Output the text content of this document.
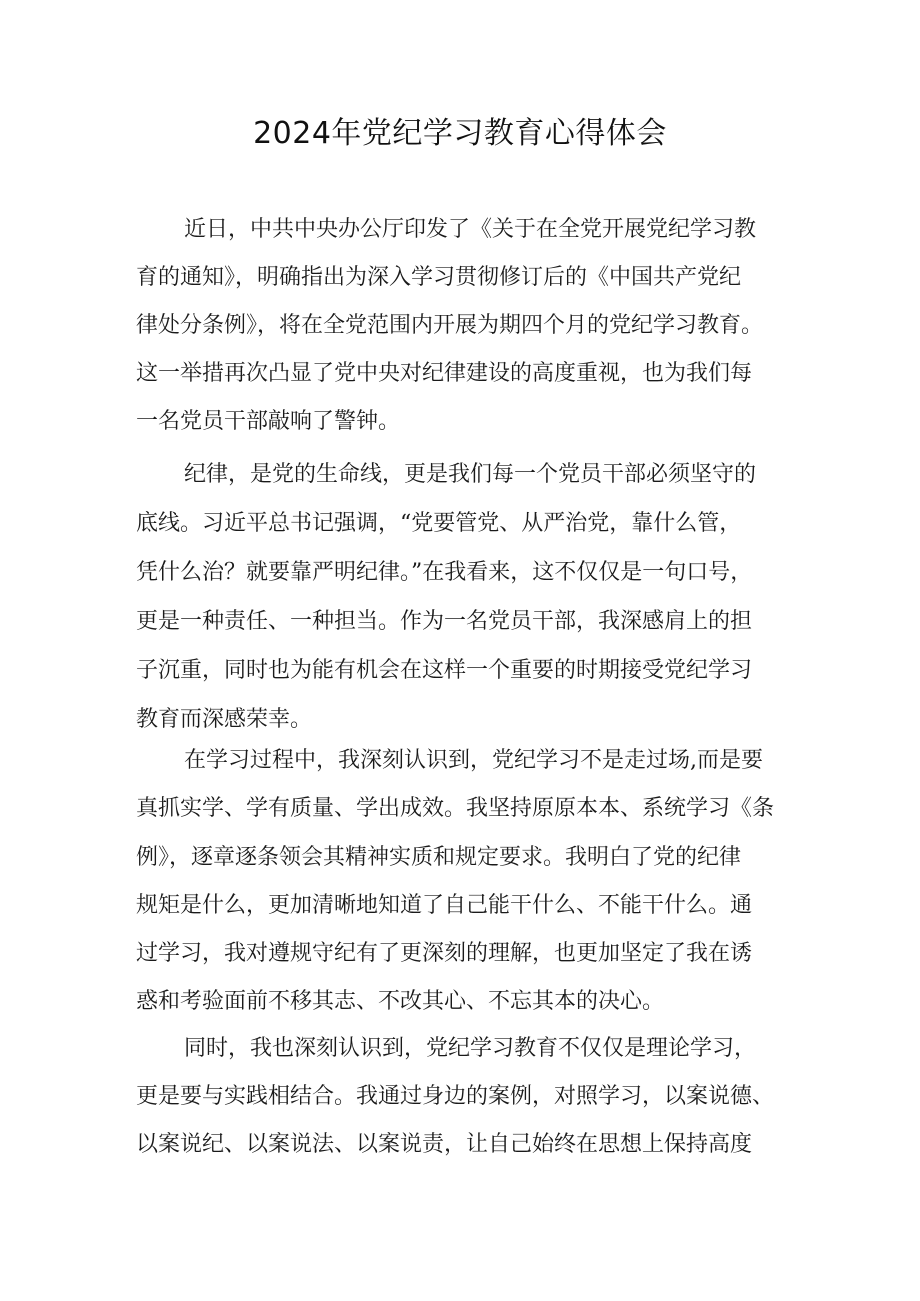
2024年党纪学习教育心得体会
近日，中共中央办公厅印发了《关于在全党开展党纪学习教
育的通知》，明确指出为深入学习贯彻修订后的《中国共产党纪
律处分条例》，将在全党范围内开展为期四个月的党纪学习教育。
这一举措再次凸显了党中央对纪律建设的高度重视，也为我们每
一名党员干部敲响了警钟。
纪律，是党的生命线，更是我们每一个党员干部必须坚守的
底线。习近平总书记强调，“党要管党、从严治党，靠什么管，
凭什么治？就要靠严明纪律。”在我看来，这不仅仅是一句口号，
更是一种责任、一种担当。作为一名党员干部，我深感肩上的担
子沉重，同时也为能有机会在这样一个重要的时期接受党纪学习
教育而深感荣幸。
在学习过程中，我深刻认识到，党纪学习不是走过场,而是要
真抓实学、学有质量、学出成效。我坚持原原本本、系统学习《条
例》，逐章逐条领会其精神实质和规定要求。我明白了党的纪律
规矩是什么，更加清晰地知道了自己能干什么、不能干什么。通
过学习，我对遵规守纪有了更深刻的理解，也更加坚定了我在诱
惑和考验面前不移其志、不改其心、不忘其本的决心。
同时，我也深刻认识到，党纪学习教育不仅仅是理论学习，
更是要与实践相结合。我通过身边的案例，对照学习，以案说德、
以案说纪、以案说法、以案说责，让自己始终在思想上保持高度
